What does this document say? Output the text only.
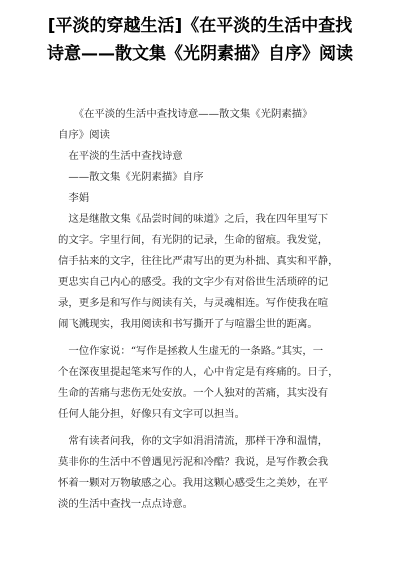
[平淡的穿越生活]《在平淡的生活中查找
诗意——散文集《光阴素描》自序》阅读
　　《在平淡的生活中查找诗意——散文集《光阴素描》
自序》阅读
　在平淡的生活中查找诗意
　——散文集《光阴素描》自序
　李娟
　这是继散文集《品尝时间的味道》之后，我在四年里写下
的文字。字里行间，有光阴的记录，生命的留痕。我发觉，
信手拈来的文字，往往比严肃写出的更为朴拙、真实和平静，
更忠实自己内心的感受。我的文字少有对俗世生活琐碎的记
录，更多是和写作与阅读有关，与灵魂相连。写作使我在喧
闹飞溅现实，我用阅读和书写撕开了与喧嚣尘世的距离。
　一位作家说：“写作是拯救人生虚无的一条路。”其实，一
个在深夜里提起笔来写作的人，心中肯定是有疼痛的。日子，
生命的苦痛与悲伤无处安放。一个人独对的苦痛，其实没有
任何人能分担，好像只有文字可以担当。
　常有读者问我，你的文字如涓涓清流，那样干净和温情，
莫非你的生活中不曾遇见污泥和冷酷？我说，是写作教会我
怀着一颗对万物敏感之心。我用这颗心感受生之美妙，在平
淡的生活中查找一点点诗意。
